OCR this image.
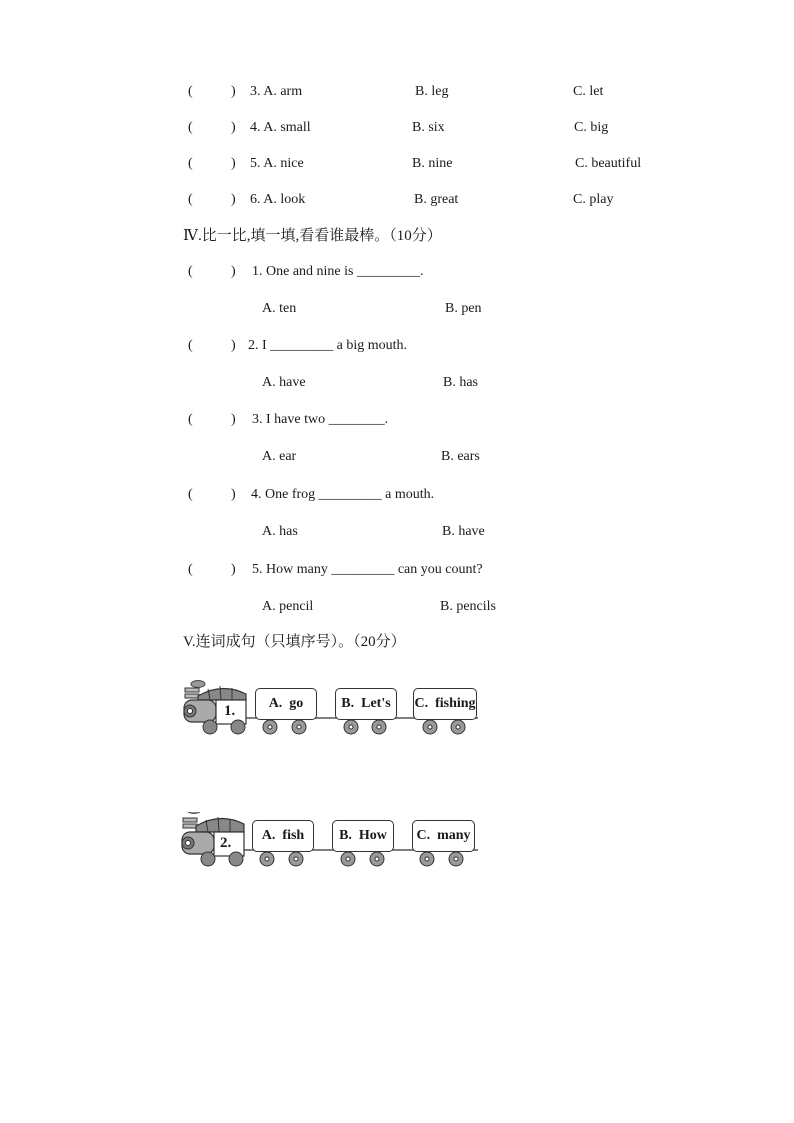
(	) 3. A. arm	B. leg	C. let
(	) 4. A. small	B. six	C. big
(	) 5. A. nice	B. nine	C. beautiful
(	) 6. A. look	B. great	C. play
Ⅳ.比一比,填一填,看看谁最棒。（10分）
(	) 1. One and nine is _________.
A. ten	B. pen
(	) 2. I _________ a big mouth.
A. have	B. has
(	) 3. I have two ________.
A. ear	B. ears
(	) 4. One frog _________ a mouth.
A. has	B. have
(	) 5. How many _________ can you count?
A. pencil	B. pencils
V.连词成句（只填序号）。（20分）
1.	A.  go	B.  Let's	C.  fishing
2.	A.  fish	B.  How	C.  many
